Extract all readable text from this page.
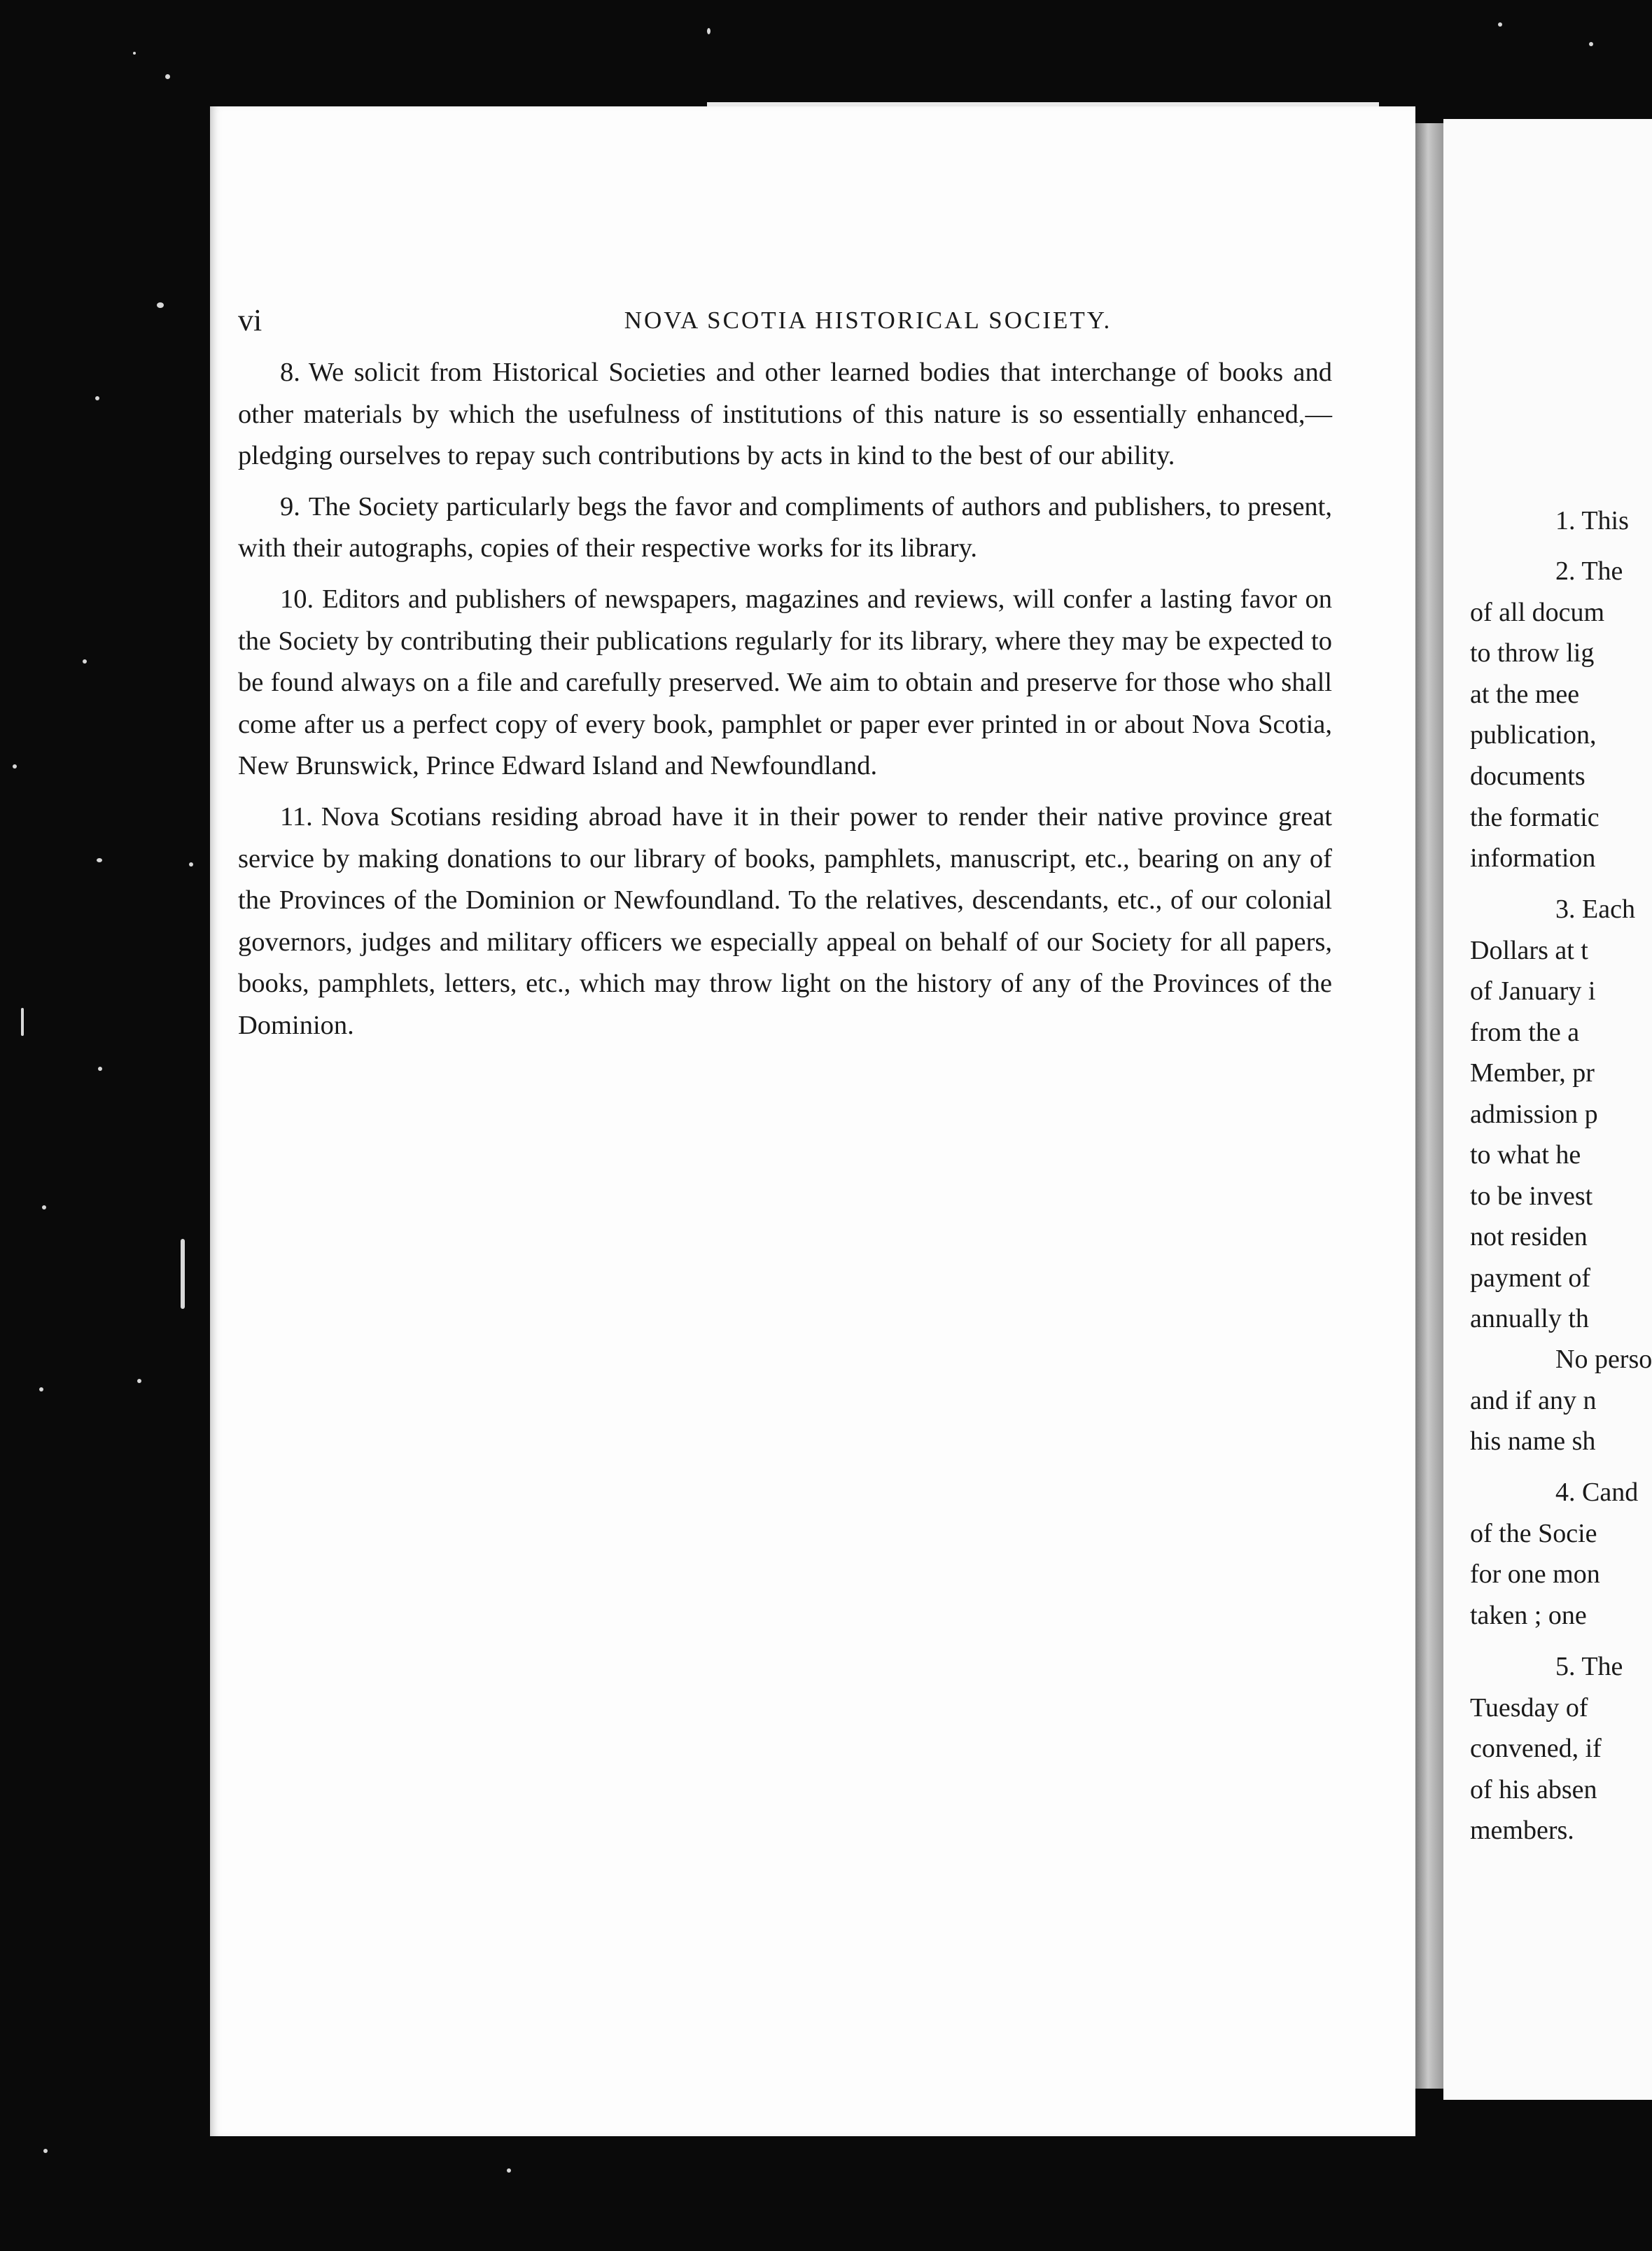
vi	NOVA SCOTIA HISTORICAL SOCIETY.

8. We solicit from Historical Societies and other learned bodies that interchange of books and other materials by which the usefulness of institutions of this nature is so essentially enhanced,— pledging ourselves to repay such contributions by acts in kind to the best of our ability.

9. The Society particularly begs the favor and compliments of authors and publishers, to present, with their autographs, copies of their respective works for its library.

10. Editors and publishers of newspapers, magazines and reviews, will confer a lasting favor on the Society by contributing their publications regularly for its library, where they may be expected to be found always on a file and carefully preserved. We aim to obtain and preserve for those who shall come after us a perfect copy of every book, pamphlet or paper ever printed in or about Nova Scotia, New Brunswick, Prince Edward Island and Newfoundland.

11. Nova Scotians residing abroad have it in their power to render their native province great service by making donations to our library of books, pamphlets, manuscript, etc., bearing on any of the Provinces of the Dominion or Newfoundland. To the relatives, descendants, etc., of our colonial governors, judges and military officers we especially appeal on behalf of our Society for all papers, books, pamphlets, letters, etc., which may throw light on the history of any of the Provinces of the Dominion.

1. This
2. The
of all docum
to throw lig
at the mee
publication,
documents
the formatic
information
3. Each
Dollars at t
of January i
from the a
Member, pr
admission p
to what he
to be invest
not residen
payment of
annually th
No perso
and if any n
his name sh
4. Cand
of the Socie
for one mon
taken ; one
5. The
Tuesday of
convened, if
of his absen
members.
